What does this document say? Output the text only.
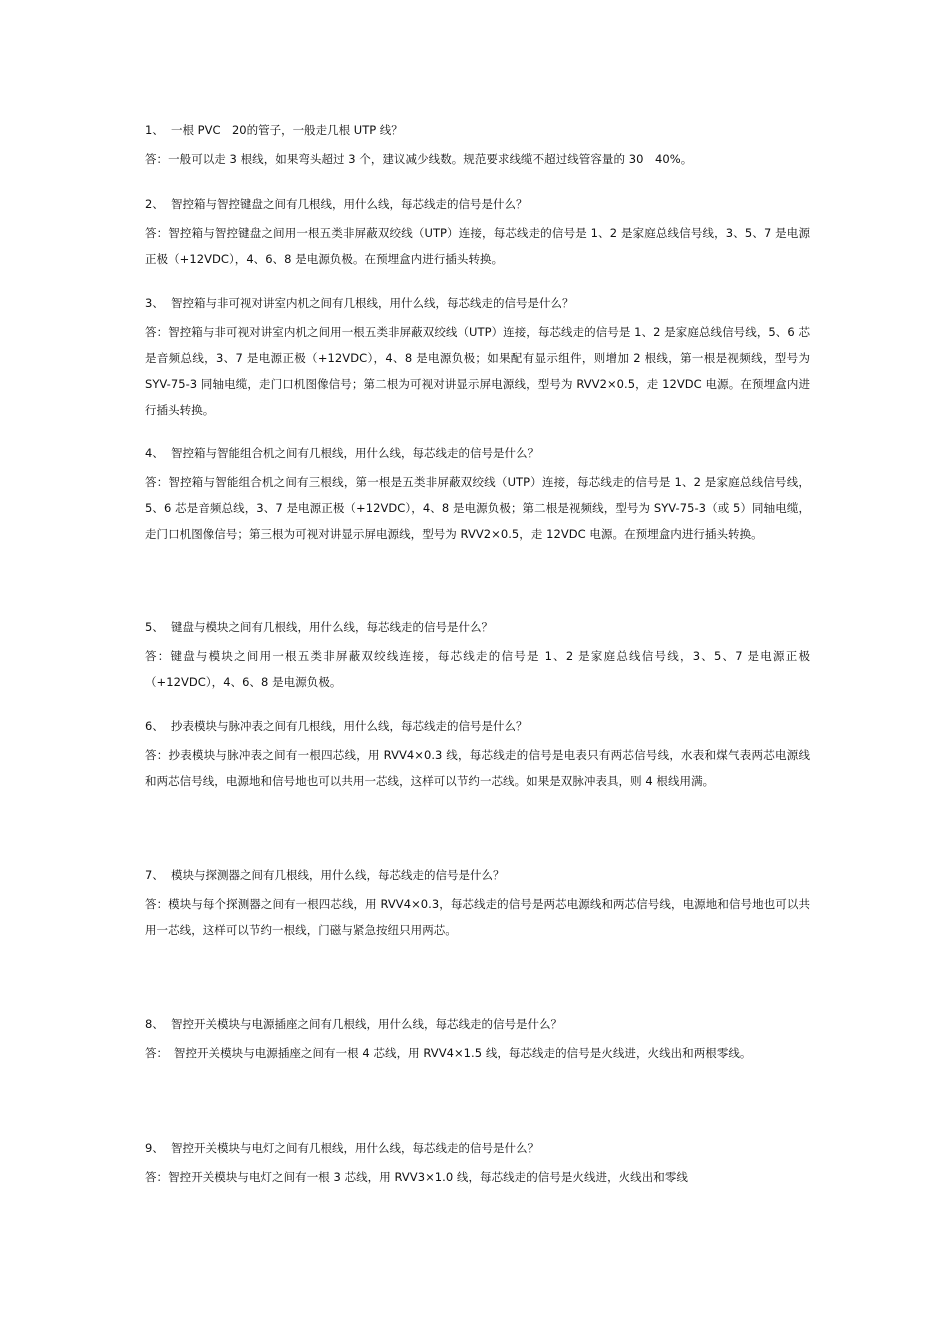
1、 一根 PVC　20的管子，一般走几根 UTP 线？

答：一般可以走 3 根线，如果弯头超过 3 个，建议减少线数。规范要求线缆不超过线管容量的 30　40%。

2、 智控箱与智控键盘之间有几根线，用什么线，每芯线走的信号是什么？

答：智控箱与智控键盘之间用一根五类非屏蔽双绞线（UTP）连接，每芯线走的信号是 1、2 是家庭总线信号线，3、5、7 是电源正极（+12VDC），4、6、8 是电源负极。在预埋盒内进行插头转换。

3、 智控箱与非可视对讲室内机之间有几根线，用什么线，每芯线走的信号是什么？

答：智控箱与非可视对讲室内机之间用一根五类非屏蔽双绞线（UTP）连接，每芯线走的信号是 1、2 是家庭总线信号线，5、6 芯是音频总线，3、7 是电源正极（+12VDC），4、8 是电源负极；如果配有显示组件，则增加 2 根线，第一根是视频线，型号为 SYV-75-3 同轴电缆，走门口机图像信号；第二根为可视对讲显示屏电源线，型号为 RVV2×0.5，走 12VDC 电源。在预埋盒内进行插头转换。

4、 智控箱与智能组合机之间有几根线，用什么线，每芯线走的信号是什么？

答：智控箱与智能组合机之间有三根线，第一根是五类非屏蔽双绞线（UTP）连接，每芯线走的信号是 1、2 是家庭总线信号线，5、6 芯是音频总线，3、7 是电源正极（+12VDC），4、8 是电源负极；第二根是视频线，型号为 SYV-75-3（或 5）同轴电缆，走门口机图像信号；第三根为可视对讲显示屏电源线，型号为 RVV2×0.5，走 12VDC 电源。在预埋盒内进行插头转换。

5、 键盘与模块之间有几根线，用什么线，每芯线走的信号是什么？

答：键盘与模块之间用一根五类非屏蔽双绞线连接，每芯线走的信号是 1、2 是家庭总线信号线，3、5、7 是电源正极（+12VDC），4、6、8 是电源负极。

6、 抄表模块与脉冲表之间有几根线，用什么线，每芯线走的信号是什么？

答：抄表模块与脉冲表之间有一根四芯线，用 RVV4×0.3 线，每芯线走的信号是电表只有两芯信号线，水表和煤气表两芯电源线和两芯信号线，电源地和信号地也可以共用一芯线，这样可以节约一芯线。如果是双脉冲表具，则 4 根线用满。

7、 模块与探测器之间有几根线，用什么线，每芯线走的信号是什么？

答：模块与每个探测器之间有一根四芯线，用 RVV4×0.3，每芯线走的信号是两芯电源线和两芯信号线，电源地和信号地也可以共用一芯线，这样可以节约一根线，门磁与紧急按纽只用两芯。

8、 智控开关模块与电源插座之间有几根线，用什么线，每芯线走的信号是什么？

答：　智控开关模块与电源插座之间有一根 4 芯线，用 RVV4×1.5 线，每芯线走的信号是火线进，火线出和两根零线。

9、 智控开关模块与电灯之间有几根线，用什么线，每芯线走的信号是什么？

答：智控开关模块与电灯之间有一根 3 芯线，用 RVV3×1.0 线，每芯线走的信号是火线进，火线出和零线
